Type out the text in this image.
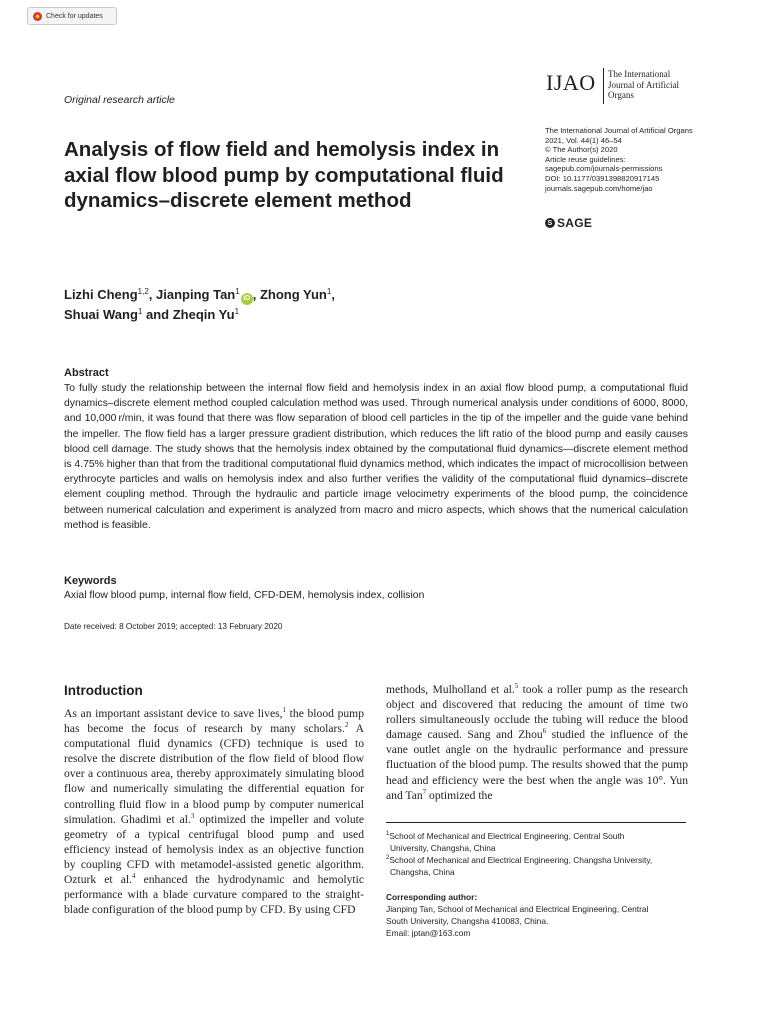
Check for updates
Original research article
Analysis of flow field and hemolysis index in axial flow blood pump by computational fluid dynamics–discrete element method
IJAO The International
Journal of Artificial
Organs
The International Journal of Artificial Organs
2021, Vol. 44(1) 46–54
© The Author(s) 2020
Article reuse guidelines:
sagepub.com/journals-permissions
DOI: 10.1177/0391398820917145
journals.sagepub.com/home/jao
S SAGE
Lizhi Cheng$^{1,2}$, Jianping Tan$^1$iD , Zhong Yun$^1$,
Shuai Wang$^1$ and Zheqin Yu$^1$
Abstract

To fully study the relationship between the internal flow field and hemolysis index in an axial flow blood pump, a computational fluid dynamics–discrete element method coupled calculation method was used. Through numerical analysis under conditions of 6000, 8000, and 10,000 r/min, it was found that there was flow separation of blood cell particles in the tip of the impeller and the guide vane behind the impeller. The flow field has a larger pressure gradient distribution, which reduces the lift ratio of the blood pump and easily causes blood cell damage. The study shows that the hemolysis index obtained by the computational fluid dynamics—discrete element method is 4.75% higher than that from the traditional computational fluid dynamics method, which indicates the impact of microcollision between erythrocyte particles and walls on hemolysis index and also further verifies the validity of the computational fluid dynamics–discrete element coupling method. Through the hydraulic and particle image velocimetry experiments of the blood pump, the coincidence between numerical calculation and experiment is analyzed from macro and micro aspects, which shows that the numerical calculation method is feasible.

Keywords
Axial flow blood pump, internal flow field, CFD-DEM, hemolysis index, collision
Date received: 8 October 2019; accepted: 13 February 2020
Introduction

As an important assistant device to save lives,$^1$ the blood pump has become the focus of research by many scholars.$^2$ A computational fluid dynamics (CFD) technique is used to resolve the discrete distribution of the flow field of blood flow over a continuous area, thereby approximately simulating blood flow and numerically simulating the differential equation for controlling fluid flow in a blood pump by computer numerical simulation. Ghadimi et al.$^3$ optimized the impeller and volute geometry of a typical centrifugal blood pump and used efficiency instead of hemolysis index as an objective function by coupling CFD with metamodel-assisted genetic algorithm. Ozturk et al.$^4$ enhanced the hydrodynamic and hemolytic performance with a blade curvature compared to the straight-blade configuration of the blood pump by CFD. By using CFD

methods, Mulholland et al.$^5$ took a roller pump as the research object and discovered that reducing the amount of time two rollers simultaneously occlude the tubing will reduce the blood damage caused. Sang and Zhou$^6$ studied the influence of the vane outlet angle on the hydraulic performance and pressure fluctuation of the blood pump. The results showed that the pump head and efficiency were the best when the angle was 10°. Yun and Tan$^7$ optimized the

$^1$School of Mechanical and Electrical Engineering, Central South
University, Changsha, China
$^2$School of Mechanical and Electrical Engineering, Changsha University,
Changsha, China
Corresponding author:
Jianping Tan, School of Mechanical and Electrical Engineering, Central
South University, Changsha 410083, China.
Email: jptan@163.com
